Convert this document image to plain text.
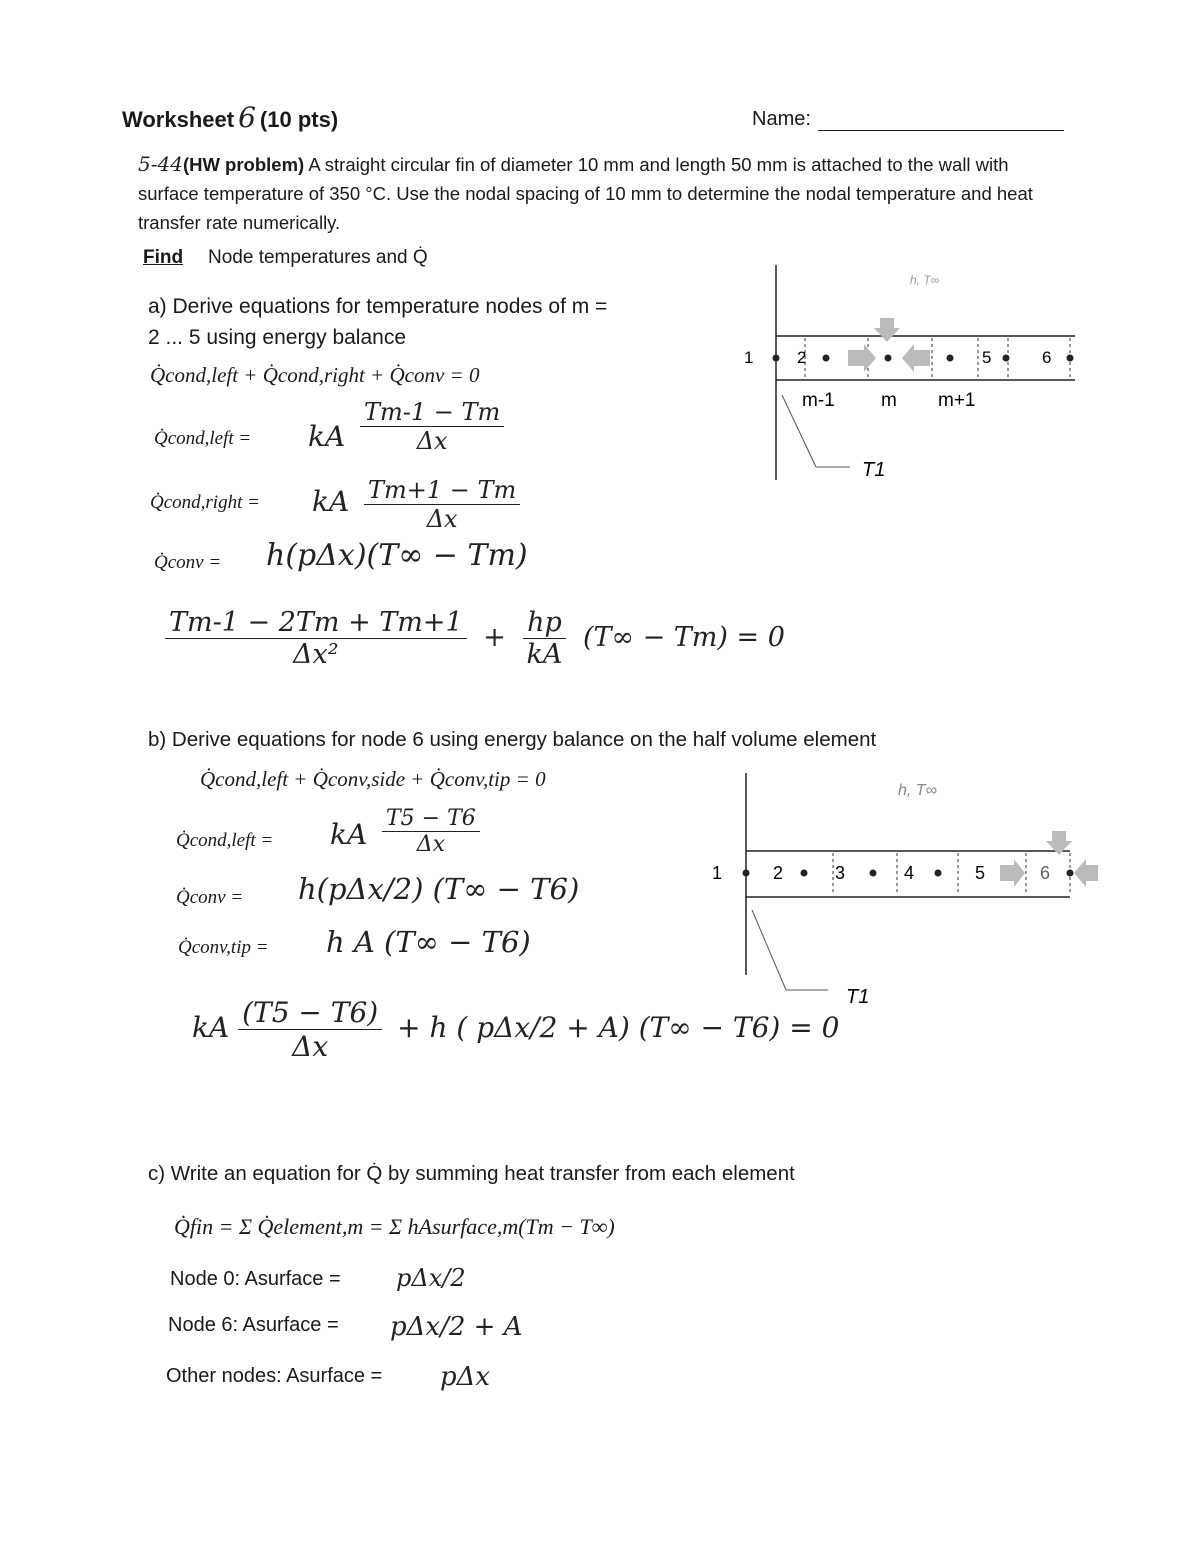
Worksheet 6 (10 pts)	Name:
5-44(HW problem) A straight circular fin of diameter 10 mm and length 50 mm is attached to the wall with surface temperature of 350 °C. Use the nodal spacing of 10 mm to determine the nodal temperature and heat transfer rate numerically.
Find Node temperatures and Q̇
a) Derive equations for temperature nodes of m =
2 ... 5 using energy balance
Q̇cond,left + Q̇cond,right + Q̇conv = 0
Q̇cond,left = kA $\frac{Tm-1 - Tm}{\Delta x}$
Q̇cond,right = kA $\frac{Tm+1 - Tm}{\Delta x}$
Q̇conv = h(pΔx)(T∞ − Tm)
$\frac{Tm-1 - 2Tm + Tm+1}{\text{Δx²}} + \frac{hp}{kA} (T\infty - Tm) = 0$
1	2	5	6
h, T∞
m-1 m m+1
T1
b) Derive equations for node 6 using energy balance on the half volume element
Q̇cond,left + Q̇conv,side + Q̇conv,tip = 0
Q̇cond,left = kA $\frac{T5 - T6}{\Delta x}$
Q̇conv = h(pΔx/2) (T∞ − T6)
Q̇conv,tip = h A (T∞ − T6)
kA $\frac{(T5 - T6)}{\Delta x} + h$ ( pΔx/2 + A) (T∞ − T6) = 0
1	2	3	4	5	6
h, T∞
T1
c) Write an equation for Q̇ by summing heat transfer from each element
Q̇fin = Σ Q̇element,m = Σ hAsurface,m(Tm − T∞)
Node 0: Asurface = pΔx/2
Node 6: Asurface = pΔx/2 + A
Other nodes: Asurface = pΔx
